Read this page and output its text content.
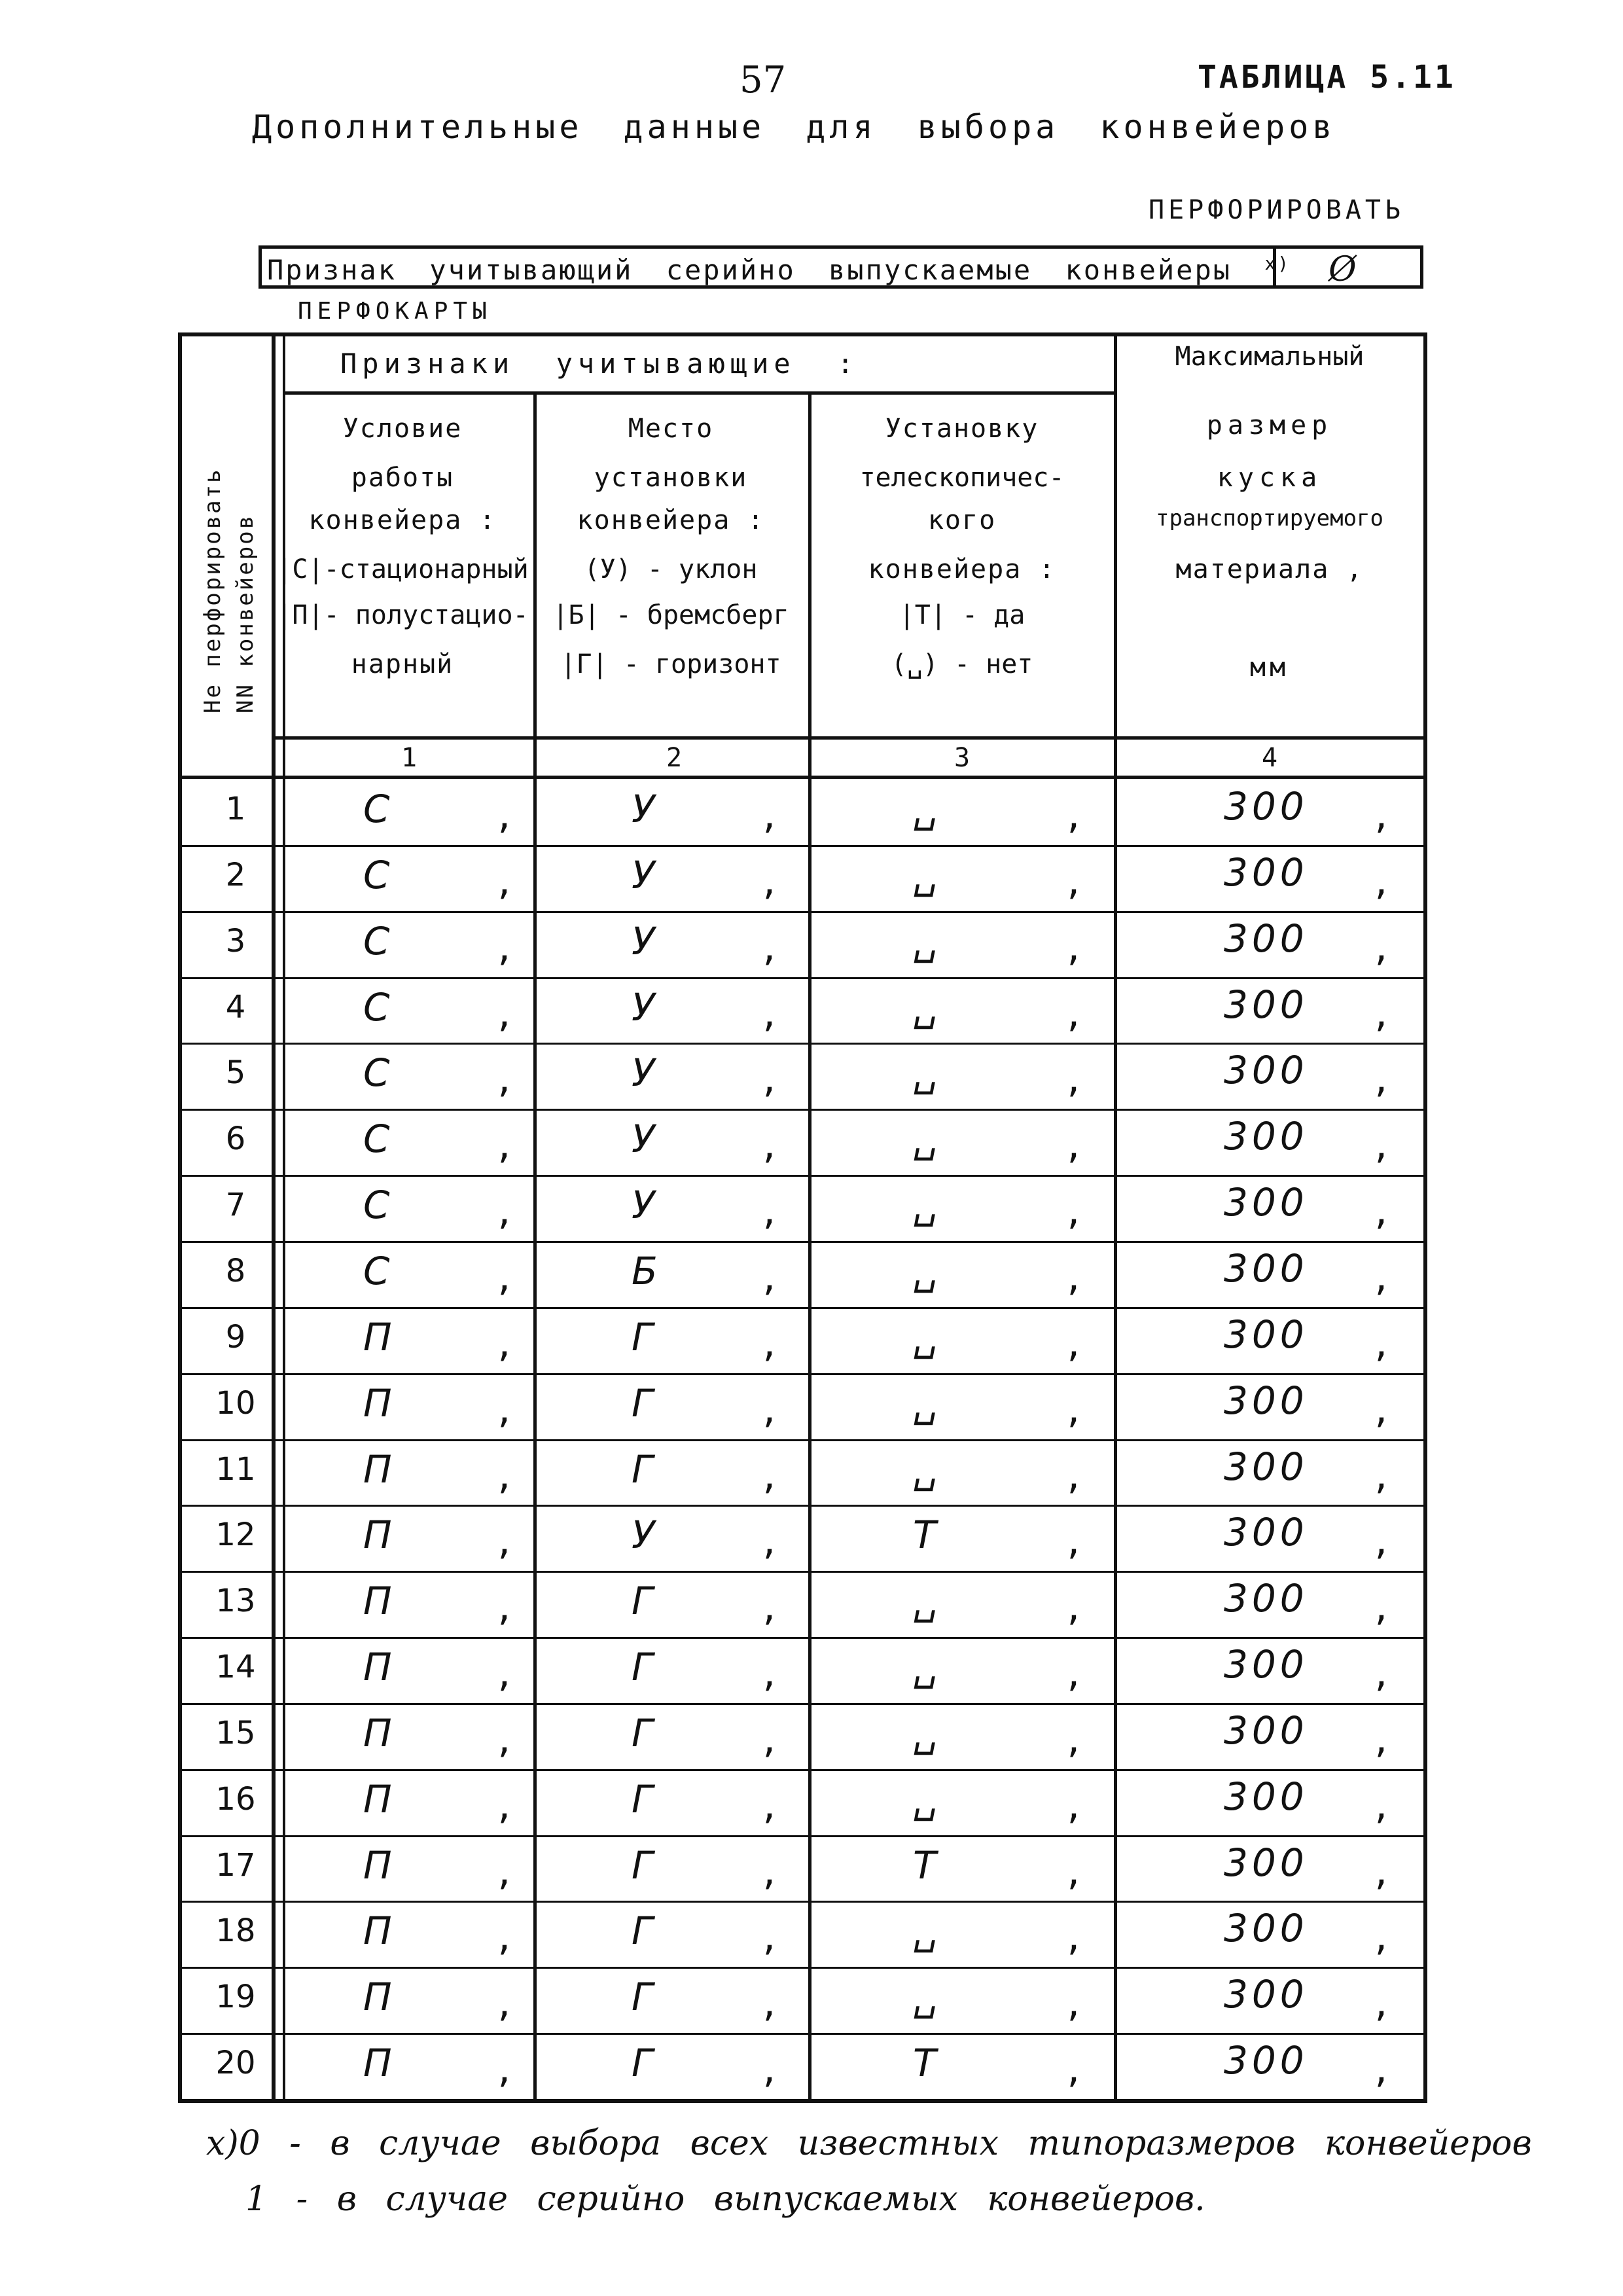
57	ТАБЛИЦА 5.11
Дополнительные данные для выбора конвейеров
ПЕРФОРИРОВАТЬ
Признак учитывающий серийно выпускаемые конвейеры $^{x)}$ Ø
ПЕРФОКАРТЫ
Не перфорировать NN конвейеров
Признаки учитывающие :
Условие
работы
конвейера :
|С|-стационарный
|П|- полустацио-
нарный
Место
установки
конвейера :
(У) - уклон
|Б| - бремсберг
|Г| - горизонт
Установку
телескопичес-
кого
конвейера :
|Т| - да
(␣) - нет
Максимальный
размер
куска
транспортируемого
материала ,
мм
1	2	3	4
1	С	,	У	,	␣	,	300 ,
2	С	,	У	,	␣	,	300 ,
3	С	,	У	,	␣	,	300 ,
4	С	,	У	,	␣	,	300 ,
5	С	,	У	,	␣	,	300 ,
6	С	,	У	,	␣	,	300 ,
7	С	,	У	,	␣	,	300 ,
8	С	,	Б	,	␣	,	300 ,
9	П	,	Г	,	␣	,	300 ,
10	П	,	Г	,	␣	,	300 ,
11	П	,	Г	,	␣	,	300 ,
12	П	,	У	,	Т	,	300 ,
13	П	,	Г	,	␣	,	300 ,
14	П	,	Г	,	␣	,	300 ,
15	П	,	Г	,	␣	,	300 ,
16	П	,	Г	,	␣	,	300 ,
17	П	,	Г	,	Т	,	300 ,
18	П	,	Г	,	␣	,	300 ,
19	П	,	Г	,	␣	,	300 ,
20	П	,	Г	,	Т	,	300 ,
x)0 - в случае выбора всех известных типоразмеров конвейеров
1 - в случае серийно выпускаемых конвейеров.
